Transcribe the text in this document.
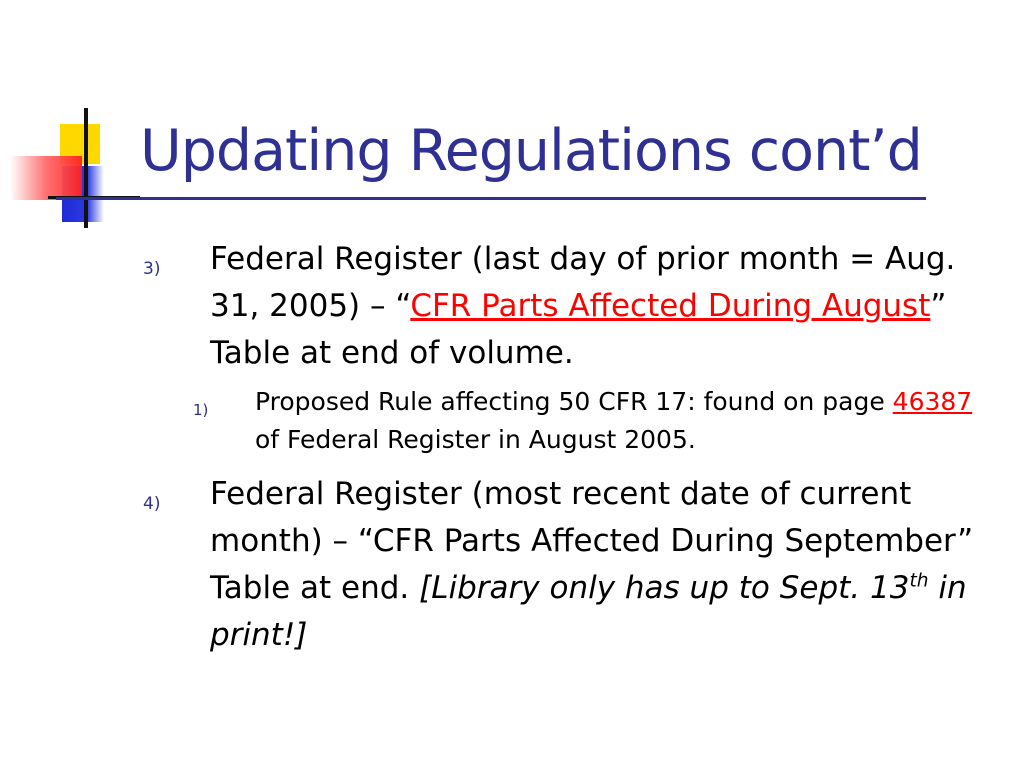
Updating Regulations cont’d
3) Federal Register (last day of prior month = Aug. 31, 2005) – “CFR Parts Affected During August” Table at end of volume.
1) Proposed Rule affecting 50 CFR 17: found on page 46387 of Federal Register in August 2005.
4) Federal Register (most recent date of current month) – “CFR Parts Affected During September” Table at end. [Library only has up to Sept. 13th in print!]
